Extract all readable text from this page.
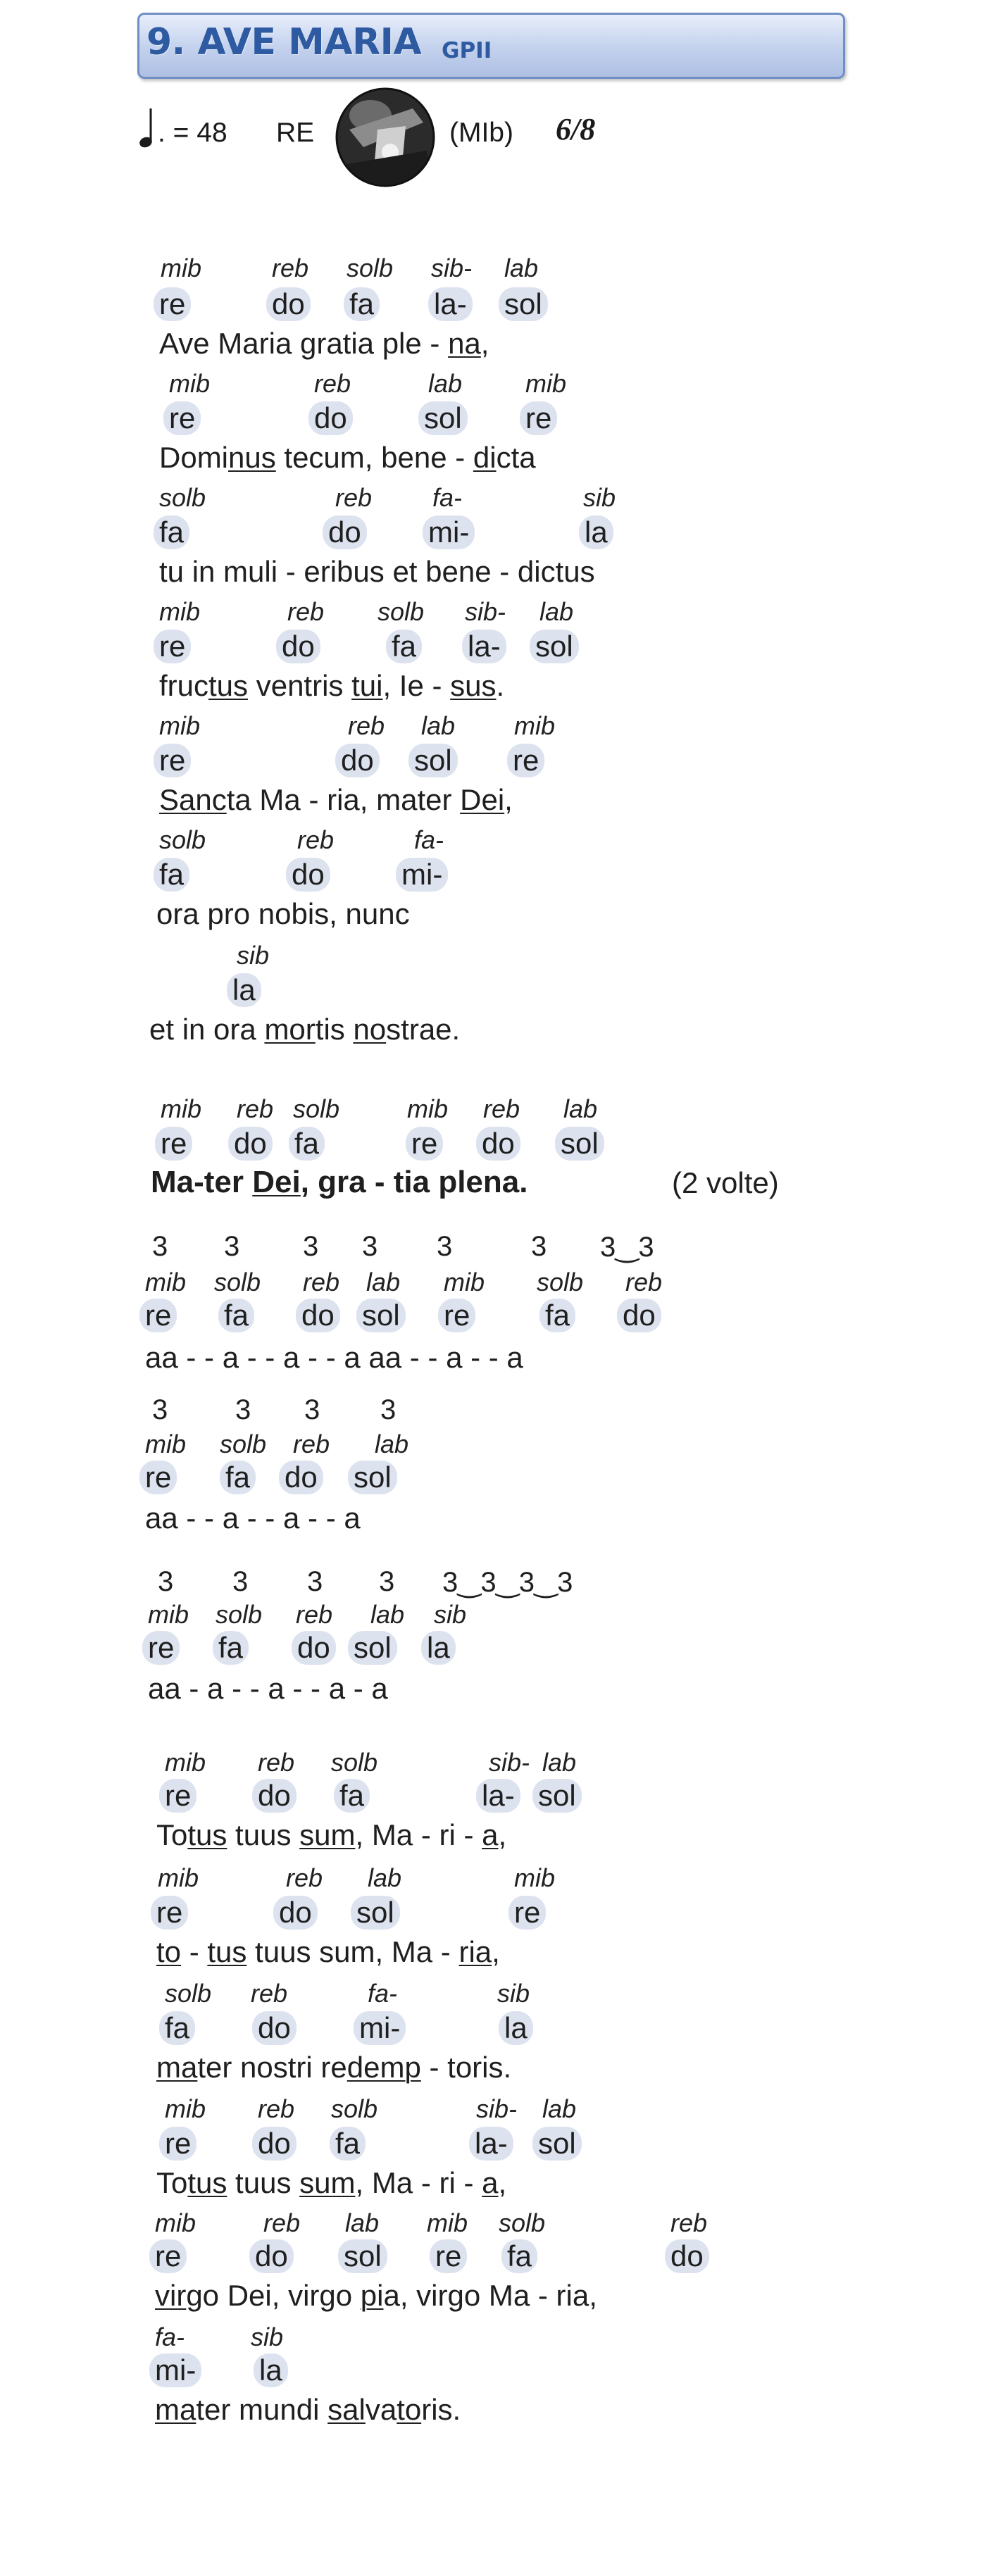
9. AVE MARIA GPII
. = 48 RE	(MIb) 6/8
mib	reb solb sib- lab
re	do fa la- sol
Ave Maria gratia ple - na,
mib	reb	lab mib
re	do	sol re
Dominus tecum, bene - dicta
solb	reb fa-	sib
fa	do mi-	la
tu in muli - eribus et bene - dictus
mib	reb solb sib- lab
re	do	fa la- sol
fructus ventris tui, Ie - sus.
mib	reb lab mib
re	do sol re
Sancta Ma - ria, mater Dei,
solb	reb	fa-
fa	do	mi-
ora pro nobis, nunc
sib
la
et in ora mortis nostrae.
mib reb solb	mib reb lab
re do fa	re do sol
Ma-ter Dei, gra - tia plena.	(2 volte)
3 3 3 3 3	3 3‿3
mib solb reb lab mib solb reb
re fa do sol re	fa do
aa - - a - - a - - a aa - - a - - a
3 3 3 3
mib solb reb lab
re fa do sol
aa - - a - - a - - a
3 3 3 3 3‿3‿3‿3
mib solb reb lab sib
re fa do sol la
aa - a - - a - - a - a
mib reb solb	sib- lab
re do fa	la- sol
Totus tuus sum, Ma - ri - a,
mib	reb lab	mib
re	do sol	re
to - tus tuus sum, Ma - ria,
solb reb	fa-	sib
fa do mi-	la
mater nostri redemp - toris.
mib reb solb	sib- lab
re do fa	la- sol
Totus tuus sum, Ma - ri - a,
mib	reb lab mib solb	reb
re do sol re fa	do
virgo Dei, virgo pia, virgo Ma - ria,
fa-	sib
mi- la
mater mundi salvatoris.
